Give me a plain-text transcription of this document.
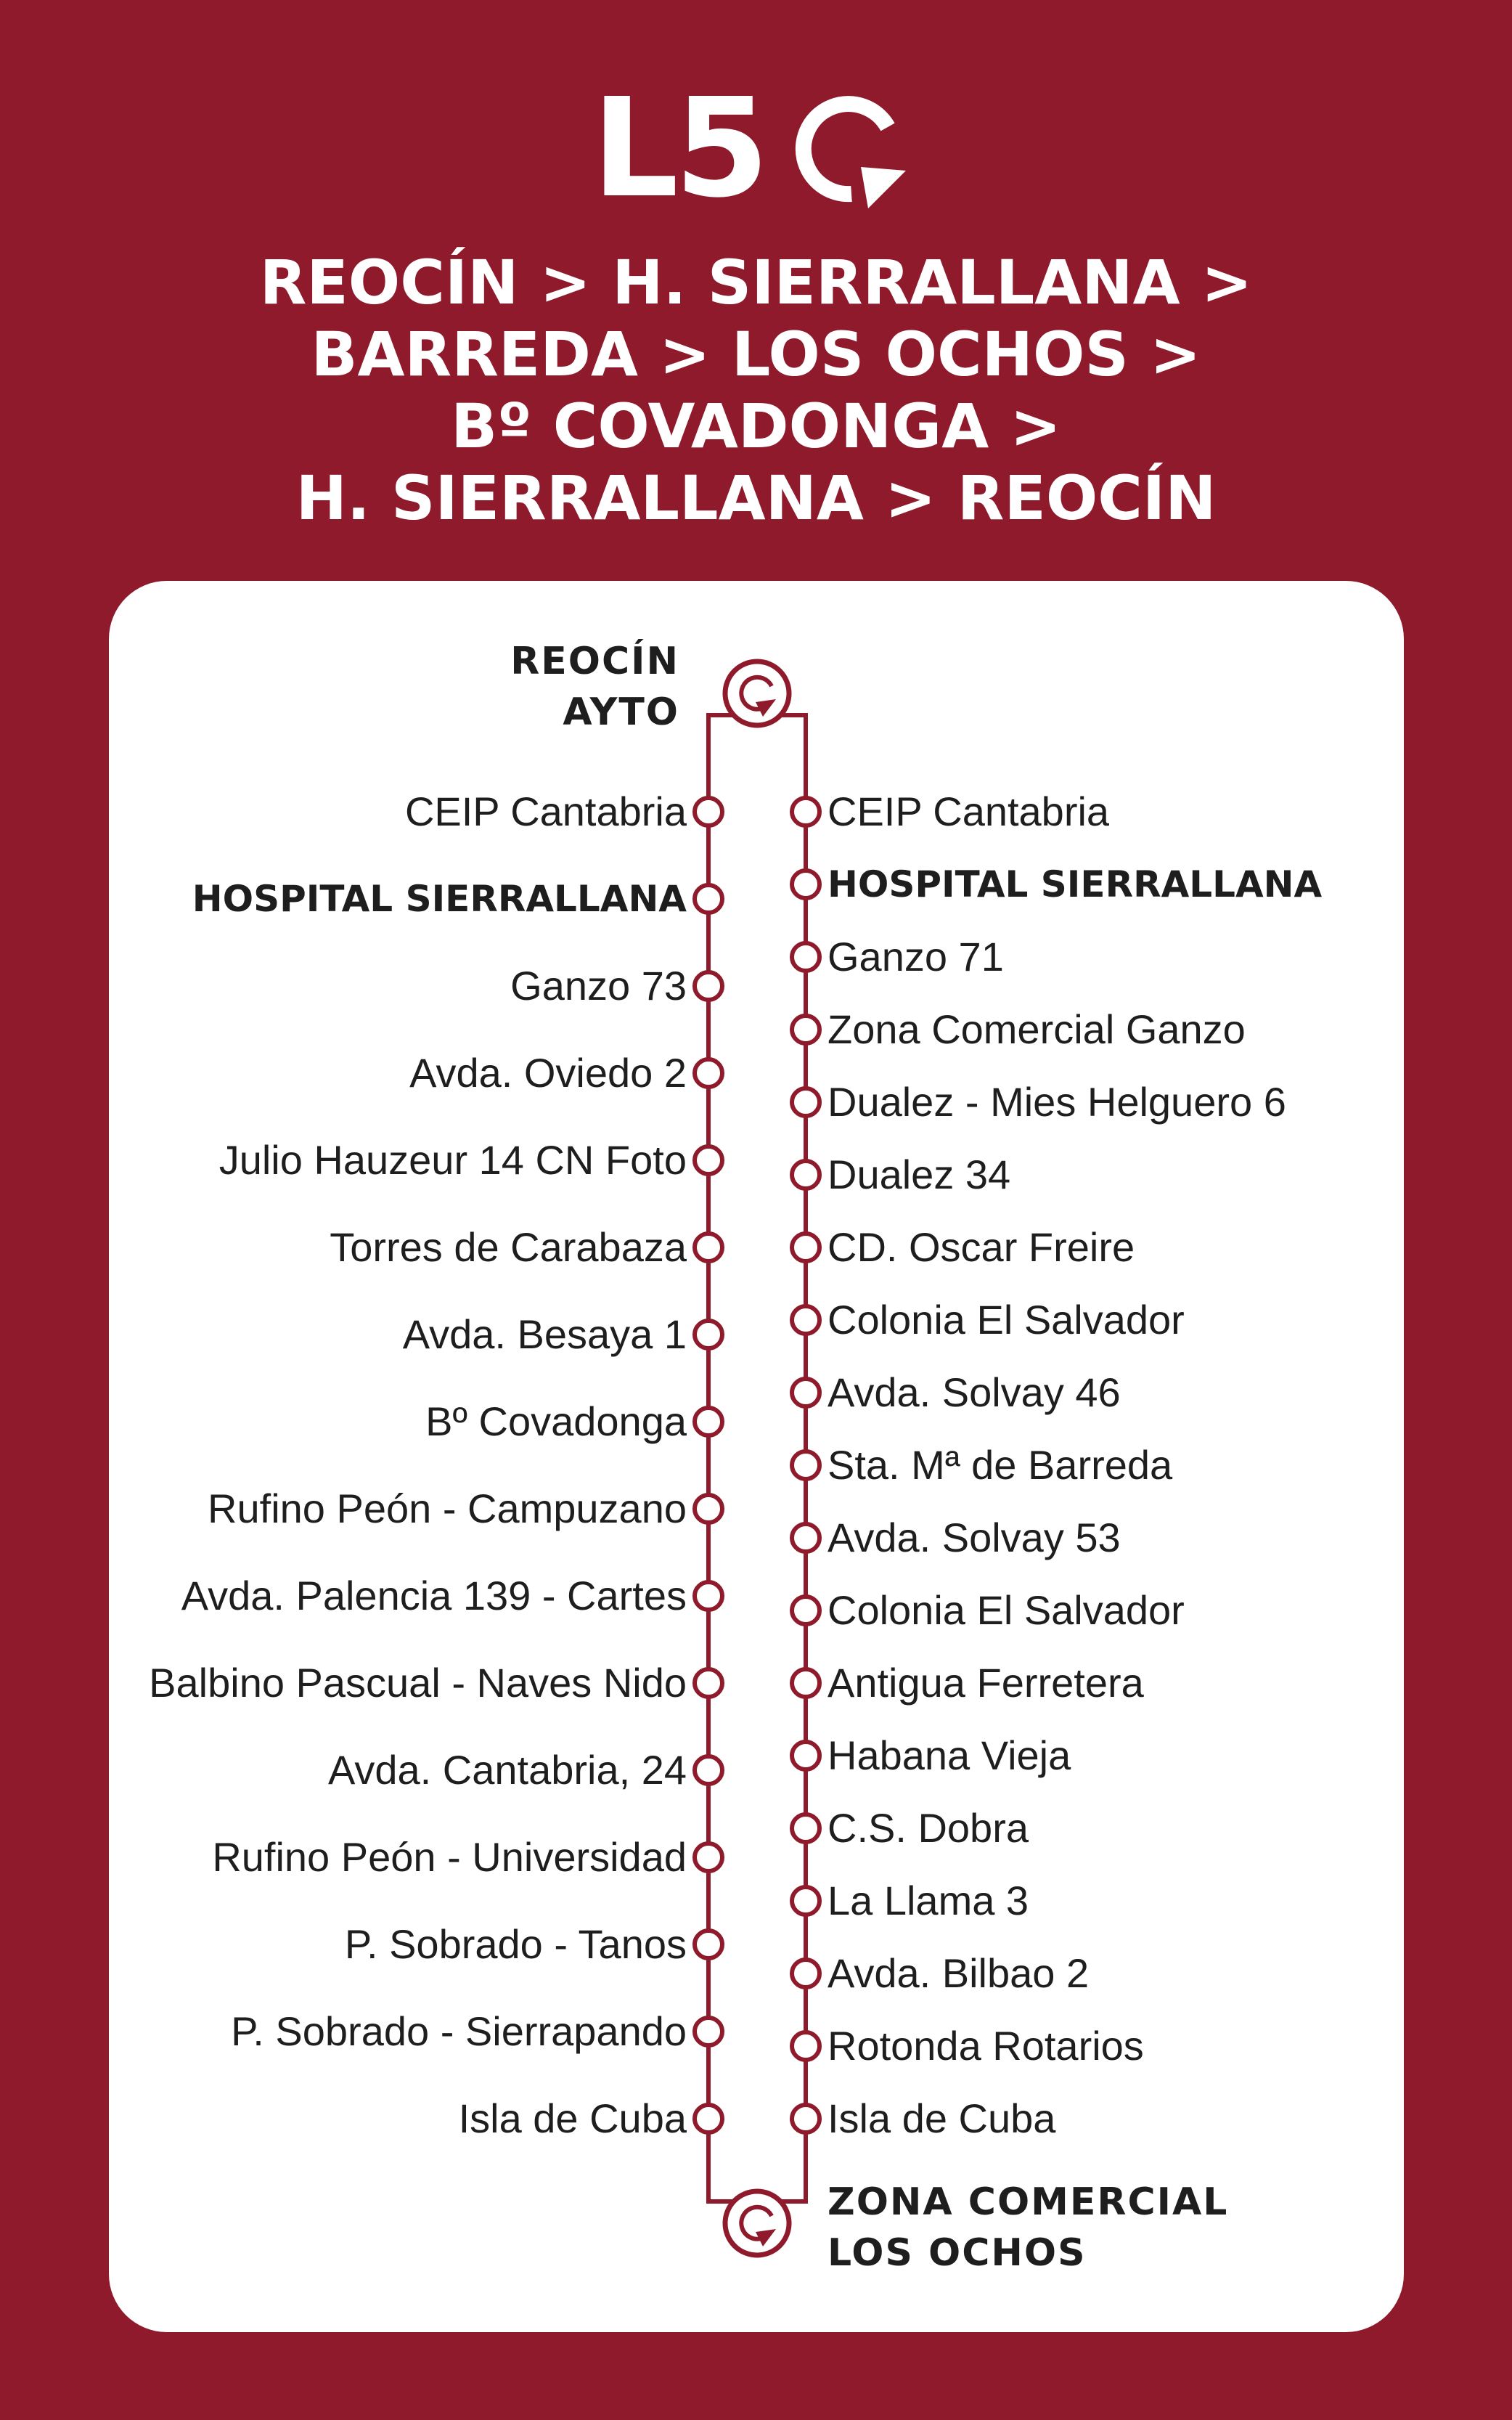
L5
REOCÍN > H. SIERRALLANA >
BARREDA > LOS OCHOS >
Bº COVADONGA >
H. SIERRALLANA > REOCÍN
CEIP Cantabria
HOSPITAL SIERRALLANA
Ganzo 73
Avda. Oviedo 2
Julio Hauzeur 14 CN Foto
Torres de Carabaza
Avda. Besaya 1
Bº Covadonga
Rufino Peón - Campuzano
Avda. Palencia 139 - Cartes
Balbino Pascual - Naves Nido
Avda. Cantabria, 24
Rufino Peón - Universidad
P. Sobrado - Tanos
P. Sobrado - Sierrapando
Isla de Cuba
CEIP Cantabria
HOSPITAL SIERRALLANA
Ganzo 71
Zona Comercial Ganzo
Dualez - Mies Helguero 6
Dualez 34
CD. Oscar Freire
Colonia El Salvador
Avda. Solvay 46
Sta. Mª de Barreda
Avda. Solvay 53
Colonia El Salvador
Antigua Ferretera
Habana Vieja
C.S. Dobra
La Llama 3
Avda. Bilbao 2
Rotonda Rotarios
Isla de Cuba
REOCÍN
AYTO
ZONA COMERCIAL
LOS OCHOS
